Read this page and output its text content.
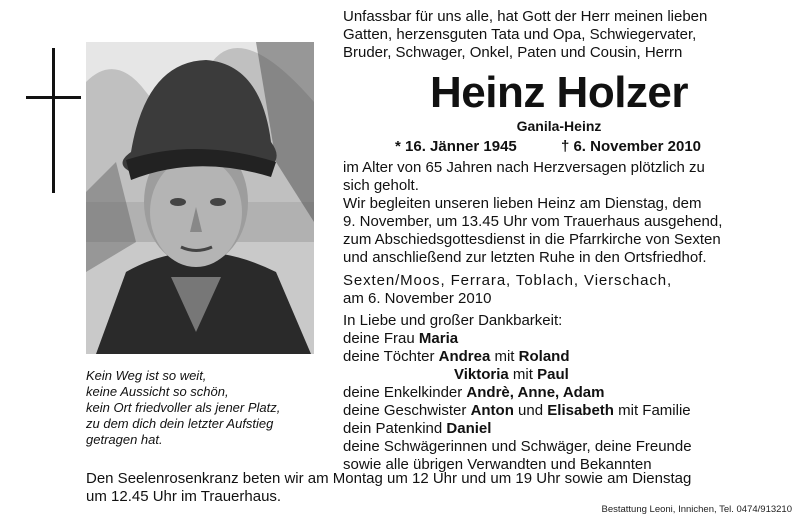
Kein Weg ist so weit,
keine Aussicht so schön,
kein Ort friedvoller als jener Platz,
zu dem dich dein letzter Aufstieg
getragen hat.
Unfassbar für uns alle, hat Gott der Herr meinen lieben
Gatten, herzensguten Tata und Opa, Schwiegervater,
Bruder, Schwager, Onkel, Paten und Cousin, Herrn
Heinz Holzer
Ganila-Heinz
* 16. Jänner 1945	† 6. November 2010
im Alter von 65 Jahren nach Herzversagen plötzlich zu
sich geholt.
Wir begleiten unseren lieben Heinz am Dienstag, dem
9. November, um 13.45 Uhr vom Trauerhaus ausgehend,
zum Abschiedsgottesdienst in die Pfarrkirche von Sexten
und anschließend zur letzten Ruhe in den Ortsfriedhof.
Sexten/Moos, Ferrara, Toblach, Vierschach,
am 6. November 2010
In Liebe und großer Dankbarkeit:
deine Frau Maria
deine Töchter Andrea mit Roland
Viktoria mit Paul
deine Enkelkinder Andrè, Anne, Adam
deine Geschwister Anton und Elisabeth mit Familie
dein Patenkind Daniel
deine Schwägerinnen und Schwäger, deine Freunde
sowie alle übrigen Verwandten und Bekannten
Den Seelenrosenkranz beten wir am Montag um 12 Uhr und um 19 Uhr sowie am Dienstag
um 12.45 Uhr im Trauerhaus.
Bestattung Leoni, Innichen, Tel. 0474/913210
